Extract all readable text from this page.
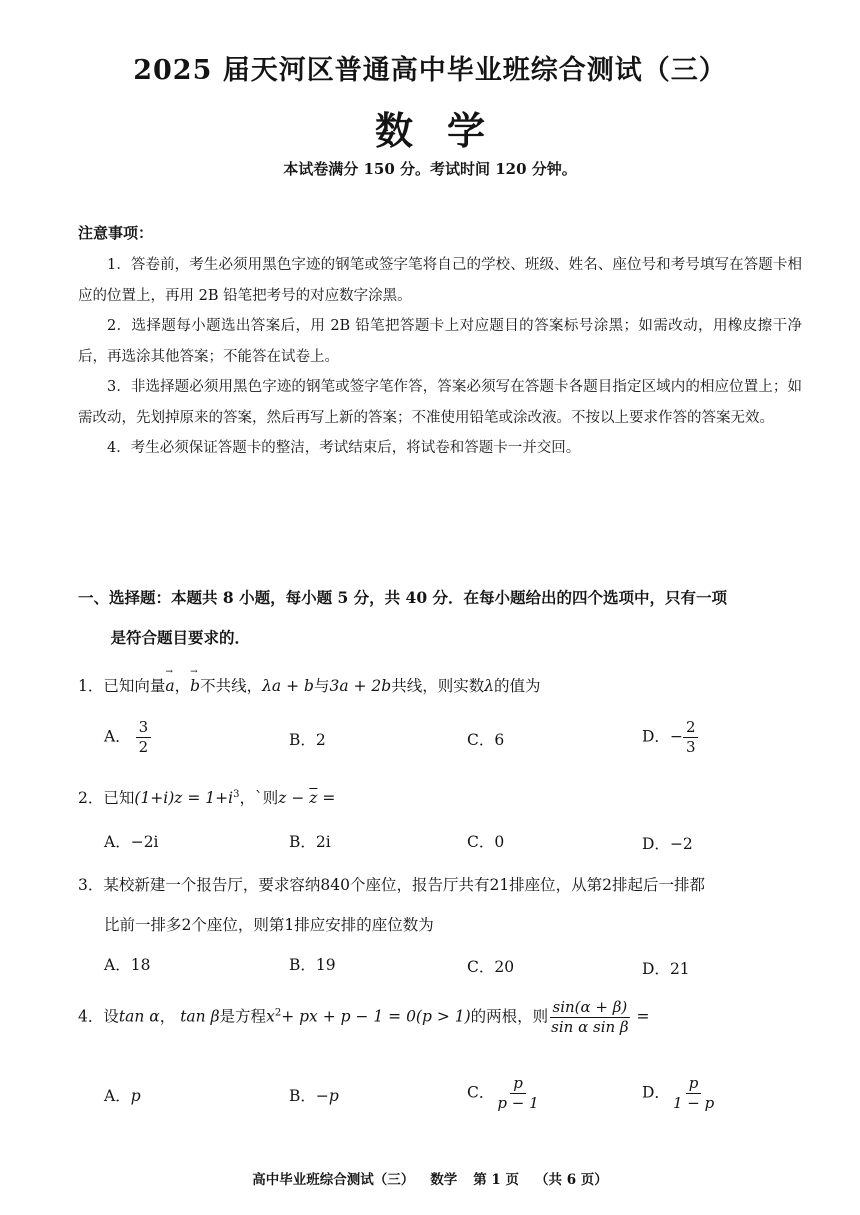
2025 届天河区普通高中毕业班综合测试（三）
数学
本试卷满分 150 分。考试时间 120 分钟。
注意事项：

1．答卷前，考生必须用黑色字迹的钢笔或签字笔将自己的学校、班级、姓名、座位号和考号填写在答题卡相应的位置上，再用 2B 铅笔把考号的对应数字涂黑。

2．选择题每小题选出答案后，用 2B 铅笔把答题卡上对应题目的答案标号涂黑；如需改动，用橡皮擦干净后，再选涂其他答案；不能答在试卷上。

3．非选择题必须用黑色字迹的钢笔或签字笔作答，答案必须写在答题卡各题目指定区域内的相应位置上；如需改动，先划掉原来的答案，然后再写上新的答案；不准使用铅笔或涂改液。不按以上要求作答的答案无效。

4．考生必须保证答题卡的整洁，考试结束后，将试卷和答题卡一并交回。

一、选择题：本题共 8 小题，每小题 5 分，共 40 分．在每小题给出的四个选项中，只有一项
是符合题目要求的．
1．已知向量→ a，→ b不共线，λa + b与3a + 2b共线，则实数λ的值为
A． $\frac{3}{2}$	B．2	C．6	D．− $\frac{2}{3}$
2．已知$(1+i)z = 1+i^3$，`则$z - \overline{z}$ =
A．−2i	B．2i	C．0	D．−2
3．某校新建一个报告厅，要求容纳840个座位，报告厅共有21排座位，从第2排起后一排都
比前一排多2个座位，则第1排应安排的座位数为
A．18	B．19	C．20	D．21
4．设tan α， tan β是方程$x^2+$ px + p − 1 = 0(p > 1)的两根，则 $\frac{\sin(\alpha + \beta)}{\text{sin α sin β}}$ =
A．p	B．−p	C． $\frac{p}{p - 1}$	D． $\frac{p}{1 - p}$
高中毕业班综合测试（三） 数学 第 1 页 （共 6 页）
